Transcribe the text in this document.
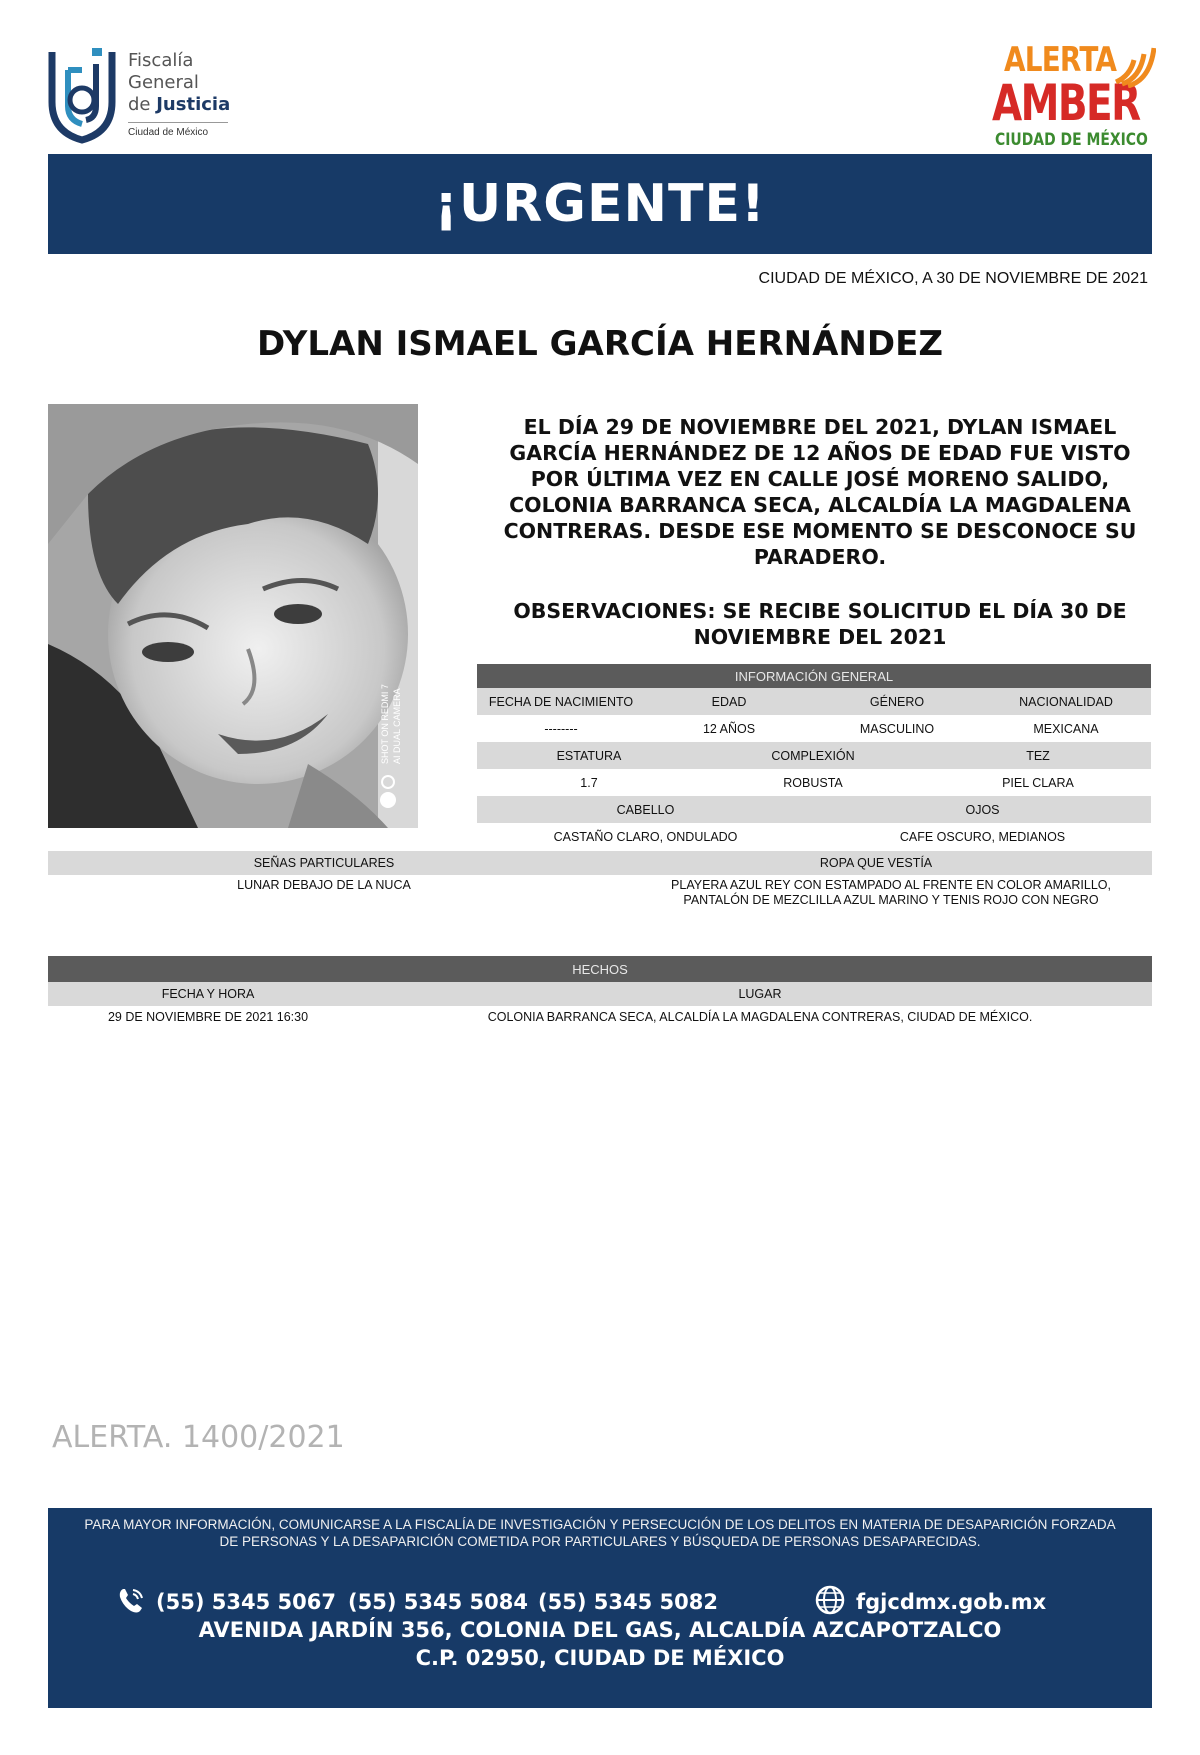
Fiscalía
General
de Justicia
Ciudad de México
ALERTA
AMBER
CIUDAD DE MÉXICO
¡URGENTE!
CIUDAD DE MÉXICO, A 30 DE NOVIEMBRE DE 2021
DYLAN ISMAEL GARCÍA HERNÁNDEZ
SHOT ON REDMI 7 AI DUAL CAMERA
EL DÍA 29 DE NOVIEMBRE DEL 2021, DYLAN ISMAEL GARCÍA HERNÁNDEZ DE 12 AÑOS DE EDAD FUE VISTO POR ÚLTIMA VEZ EN CALLE JOSÉ MORENO SALIDO, COLONIA BARRANCA SECA, ALCALDÍA LA MAGDALENA CONTRERAS. DESDE ESE MOMENTO SE DESCONOCE SU PARADERO.
OBSERVACIONES: SE RECIBE SOLICITUD EL DÍA 30 DE NOVIEMBRE DEL 2021
INFORMACIÓN GENERAL
FECHA DE NACIMIENTO	EDAD	GÉNERO	NACIONALIDAD
--------	12 AÑOS	MASCULINO	MEXICANA
ESTATURA	COMPLEXIÓN	TEZ
1.7	ROBUSTA	PIEL CLARA
CABELLO	OJOS
CASTAÑO CLARO, ONDULADO	CAFE OSCURO, MEDIANOS
SEÑAS PARTICULARES	ROPA QUE VESTÍA
LUNAR DEBAJO DE LA NUCA	PLAYERA AZUL REY CON ESTAMPADO AL FRENTE EN COLOR AMARILLO, PANTALÓN DE MEZCLILLA AZUL MARINO Y TENIS ROJO CON NEGRO
HECHOS
FECHA Y HORA	LUGAR
29 DE NOVIEMBRE DE 2021 16:30	COLONIA BARRANCA SECA, ALCALDÍA LA MAGDALENA CONTRERAS, CIUDAD DE MÉXICO.
ALERTA. 1400/2021
PARA MAYOR INFORMACIÓN, COMUNICARSE A LA FISCALÍA DE INVESTIGACIÓN Y PERSECUCIÓN DE LOS DELITOS EN MATERIA DE DESAPARICIÓN FORZADA DE PERSONAS Y LA DESAPARICIÓN COMETIDA POR PARTICULARES Y BÚSQUEDA DE PERSONAS DESAPARECIDAS.
(55) 5345 5067 (55) 5345 5084 (55) 5345 5082	fgjcdmx.gob.mx
AVENIDA JARDÍN 356, COLONIA DEL GAS, ALCALDÍA AZCAPOTZALCO
C.P. 02950, CIUDAD DE MÉXICO
